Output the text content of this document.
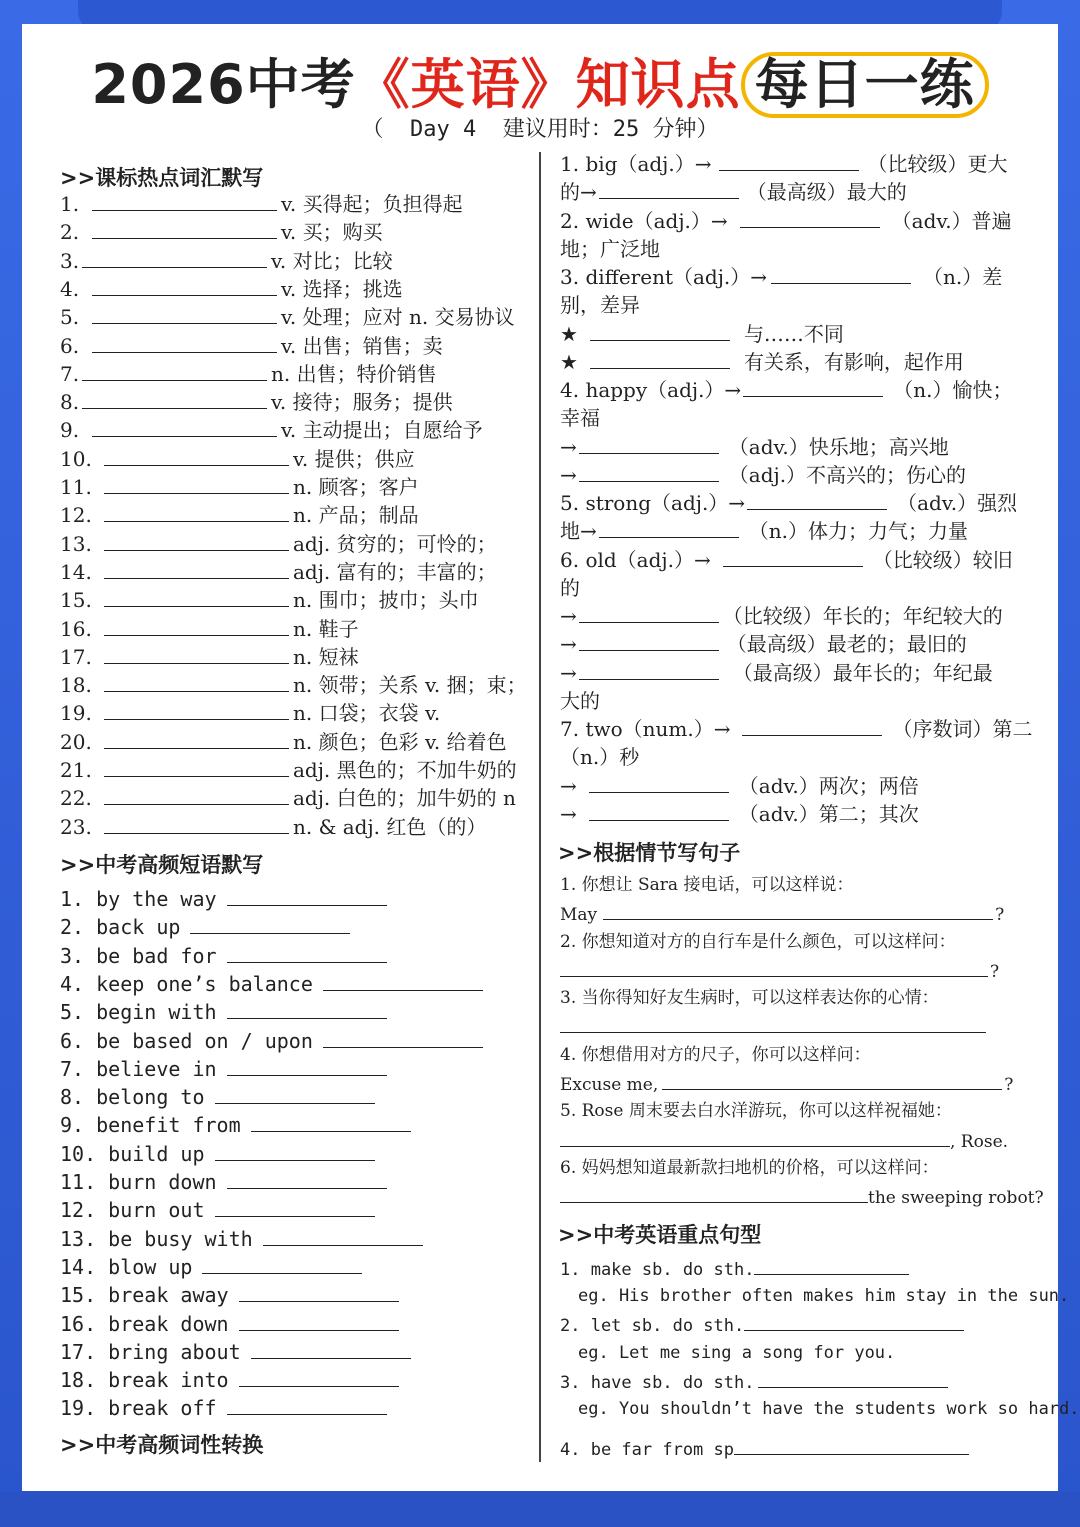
2026中考《英语》知识点 每日一练
（  Day 4  建议用时：25 分钟）
>>课标热点词汇默写
1.	v. 买得起；负担得起
2.	v. 买；购买
3.	v. 对比；比较
4.	v. 选择；挑选
5.	v. 处理；应对 n. 交易协议
6.	v. 出售；销售；卖
7.	n. 出售；特价销售
8.	v. 接待；服务；提供
9.	v. 主动提出；自愿给予
10.	v. 提供；供应
11.	n. 顾客；客户
12.	n. 产品；制品
13.	adj. 贫穷的；可怜的；
14.	adj. 富有的；丰富的；
15.	n. 围巾；披巾；头巾
16.	n. 鞋子
17.	n. 短袜
18.	n. 领带；关系 v. 捆；束；
19.	n. 口袋；衣袋 v.
20.	n. 颜色；色彩 v. 给着色
21.	adj. 黑色的；不加牛奶的
22.	adj. 白色的；加牛奶的 n
23.	n. & adj. 红色（的）
>>中考高频短语默写
1. by the way
2. back up
3. be bad for
4. keep one’s balance
5. begin with
6. be based on / upon
7. believe in
8. belong to
9. benefit from
10. build up
11. burn down
12. burn out
13. be busy with
14. blow up
15. break away
16. break down
17. bring about
18. break into
19. break off
>>中考高频词性转换
1. big（adj.）→	（比较级）更大
的→	（最高级）最大的
2. wide（adj.）→	（adv.）普遍
地；广泛地
3. different（adj.）→	（n.）差
别，差异
★	与……不同
★	有关系，有影响，起作用
4. happy（adj.）→	（n.）愉快；
幸福
→	（adv.）快乐地；高兴地
→	（adj.）不高兴的；伤心的
5. strong（adj.）→	（adv.）强烈
地→	（n.）体力；力气；力量
6. old（adj.）→	（比较级）较旧
的
→	（比较级）年长的；年纪较大的
→	（最高级）最老的；最旧的
→	（最高级）最年长的；年纪最
大的
7. two（num.）→	（序数词）第二
（n.）秒
→	（adv.）两次；两倍
→	（adv.）第二；其次
>>根据情节写句子
1. 你想让 Sara 接电话，可以这样说：
May	?
2. 你想知道对方的自行车是什么颜色，可以这样问：
?
3. 当你得知好友生病时，可以这样表达你的心情：
4. 你想借用对方的尺子，你可以这样问：
Excuse me,	?
5. Rose 周末要去白水洋游玩，你可以这样祝福她：
, Rose.
6. 妈妈想知道最新款扫地机的价格，可以这样问：
the sweeping robot?
>>中考英语重点句型
1. make sb. do sth.
eg. His brother often makes him stay in the sun.
2. let sb. do sth.
eg. Let me sing a song for you.
3. have sb. do sth.
eg. You shouldn’t have the students work so hard.
4. be far from sp
